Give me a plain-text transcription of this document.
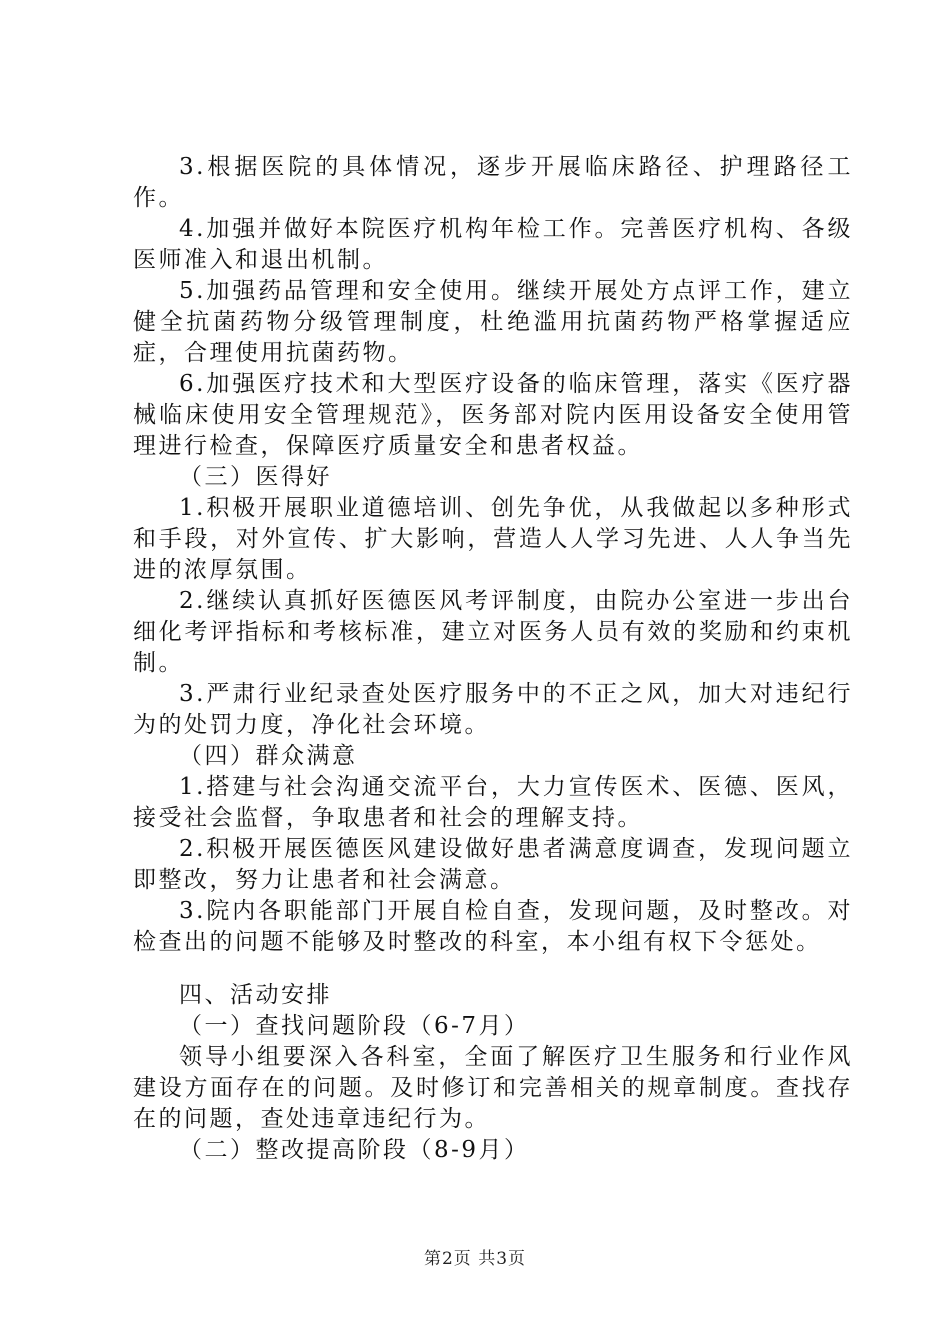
3.根据医院的具体情况，逐步开展临床路径、护理路径工作。

4.加强并做好本院医疗机构年检工作。完善医疗机构、各级医师准入和退出机制。

5.加强药品管理和安全使用。继续开展处方点评工作，建立健全抗菌药物分级管理制度，杜绝滥用抗菌药物严格掌握适应症，合理使用抗菌药物。

6.加强医疗技术和大型医疗设备的临床管理，落实《医疗器械临床使用安全管理规范》，医务部对院内医用设备安全使用管理进行检查，保障医疗质量安全和患者权益。

（三）医得好

1.积极开展职业道德培训、创先争优，从我做起以多种形式和手段，对外宣传、扩大影响，营造人人学习先进、人人争当先进的浓厚氛围。

2.继续认真抓好医德医风考评制度，由院办公室进一步出台细化考评指标和考核标准，建立对医务人员有效的奖励和约束机制。

3.严肃行业纪录查处医疗服务中的不正之风，加大对违纪行为的处罚力度，净化社会环境。

（四）群众满意

1.搭建与社会沟通交流平台，大力宣传医术、医德、医风，接受社会监督，争取患者和社会的理解支持。

2.积极开展医德医风建设做好患者满意度调查，发现问题立即整改，努力让患者和社会满意。

3.院内各职能部门开展自检自查，发现问题，及时整改。对检查出的问题不能够及时整改的科室，本小组有权下令惩处。

四、活动安排

（一）查找问题阶段（6-7月）

领导小组要深入各科室，全面了解医疗卫生服务和行业作风建设方面存在的问题。及时修订和完善相关的规章制度。查找存在的问题，查处违章违纪行为。

（二）整改提高阶段（8-9月）

第2页 共3页
